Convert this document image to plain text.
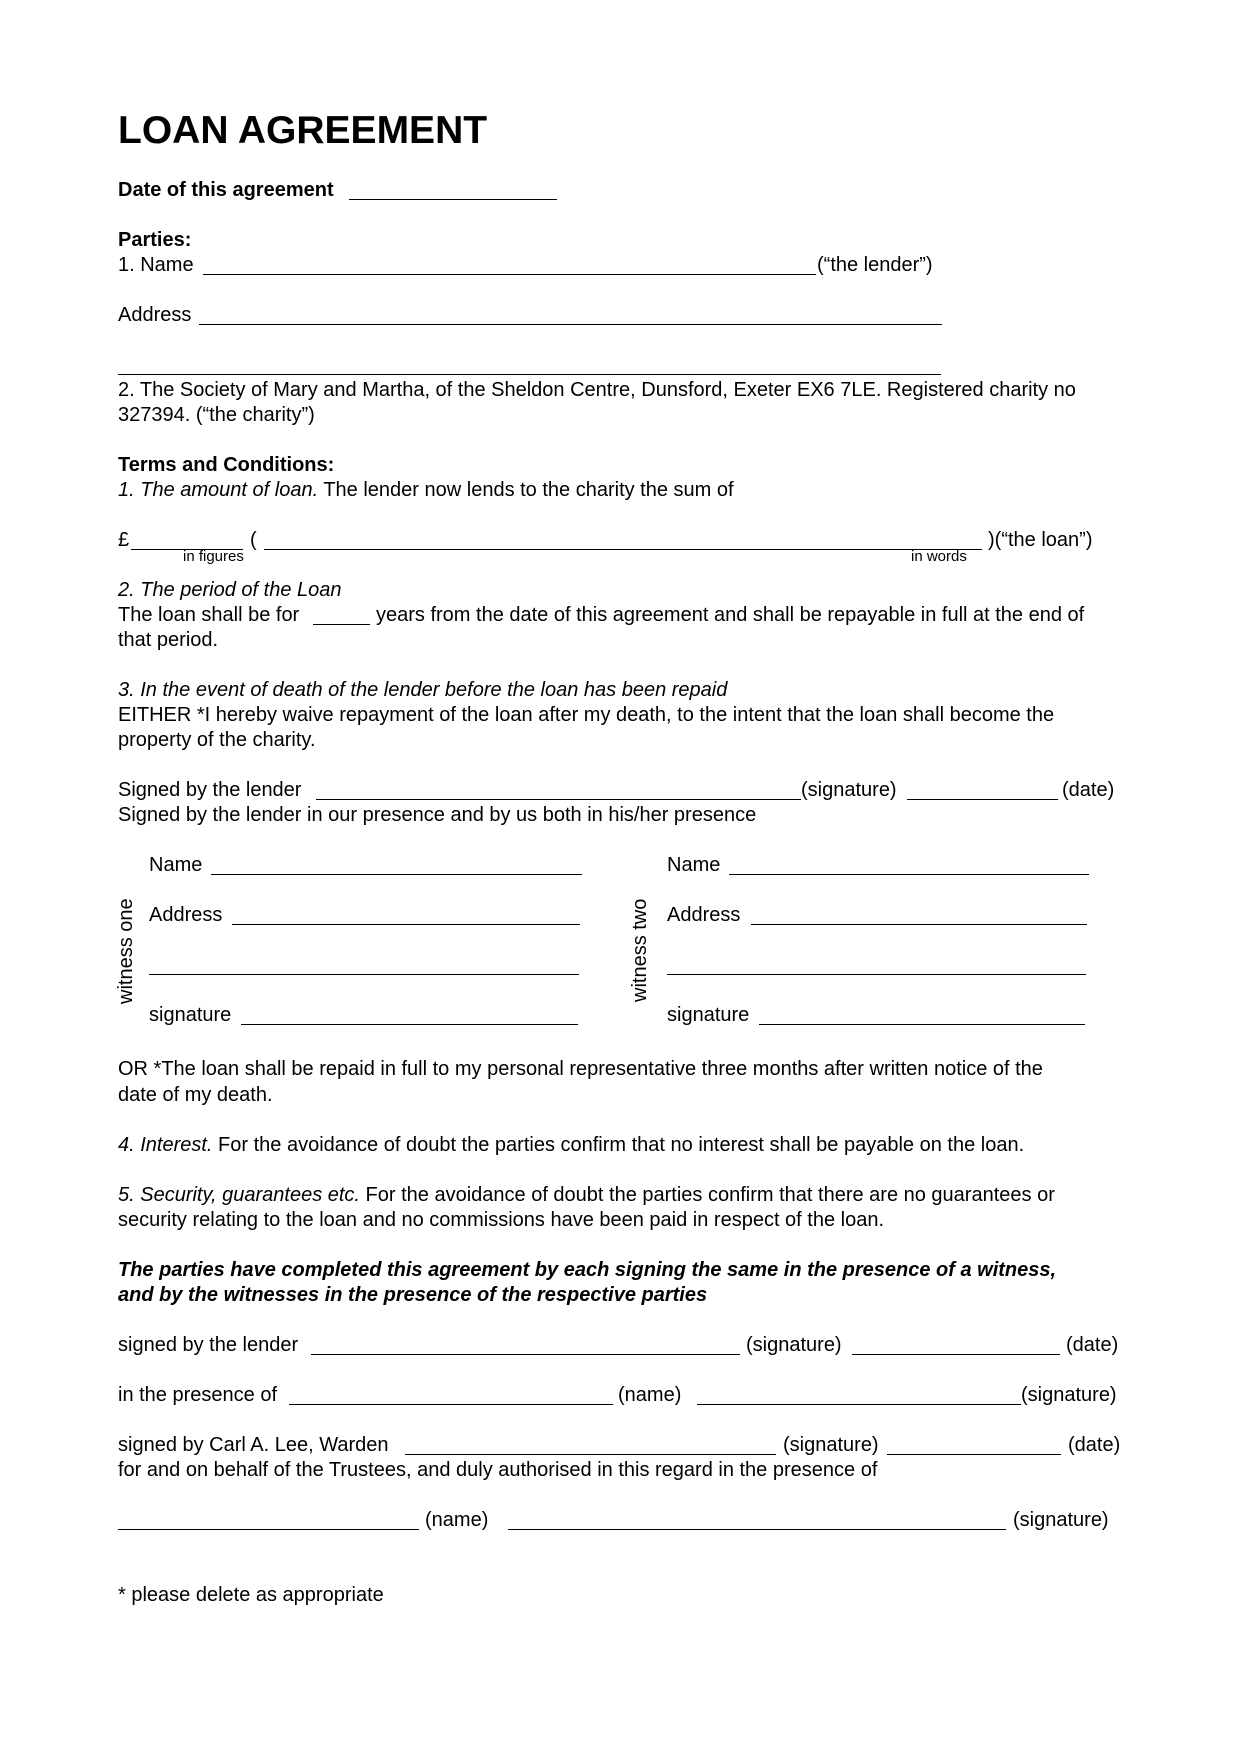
LOAN AGREEMENT
Date of this agreement
Parties:
1. Name	(“the lender”)
Address
2. The Society of Mary and Martha, of the Sheldon Centre, Dunsford, Exeter EX6 7LE. Registered charity no
327394. (“the charity”)
Terms and Conditions:
1. The amount of loan. The lender now lends to the charity the sum of
£
in figures
(
in words
)(“the loan”)
2. The period of the Loan
The loan shall be for	years from the date of this agreement and shall be repayable in full at the end of
that period.
3. In the event of death of the lender before the loan has been repaid
EITHER *I hereby waive repayment of the loan after my death, to the intent that the loan shall become the
property of the charity.
Signed by the lender	(signature)	(date)
Signed by the lender in our presence and by us both in his/her presence
witness one
Name
Address
signature
witness two
Name
Address
signature
OR *The loan shall be repaid in full to my personal representative three months after written notice of the
date of my death.
4. Interest. For the avoidance of doubt the parties confirm that no interest shall be payable on the loan.
5. Security, guarantees etc. For the avoidance of doubt the parties confirm that there are no guarantees or
security relating to the loan and no commissions have been paid in respect of the loan.
The parties have completed this agreement by each signing the same in the presence of a witness,
and by the witnesses in the presence of the respective parties
signed by the lender	(signature)	(date)
in the presence of	(name)	(signature)
signed by Carl A. Lee, Warden	(signature)	(date)
for and on behalf of the Trustees, and duly authorised in this regard in the presence of
(name)	(signature)
* please delete as appropriate
